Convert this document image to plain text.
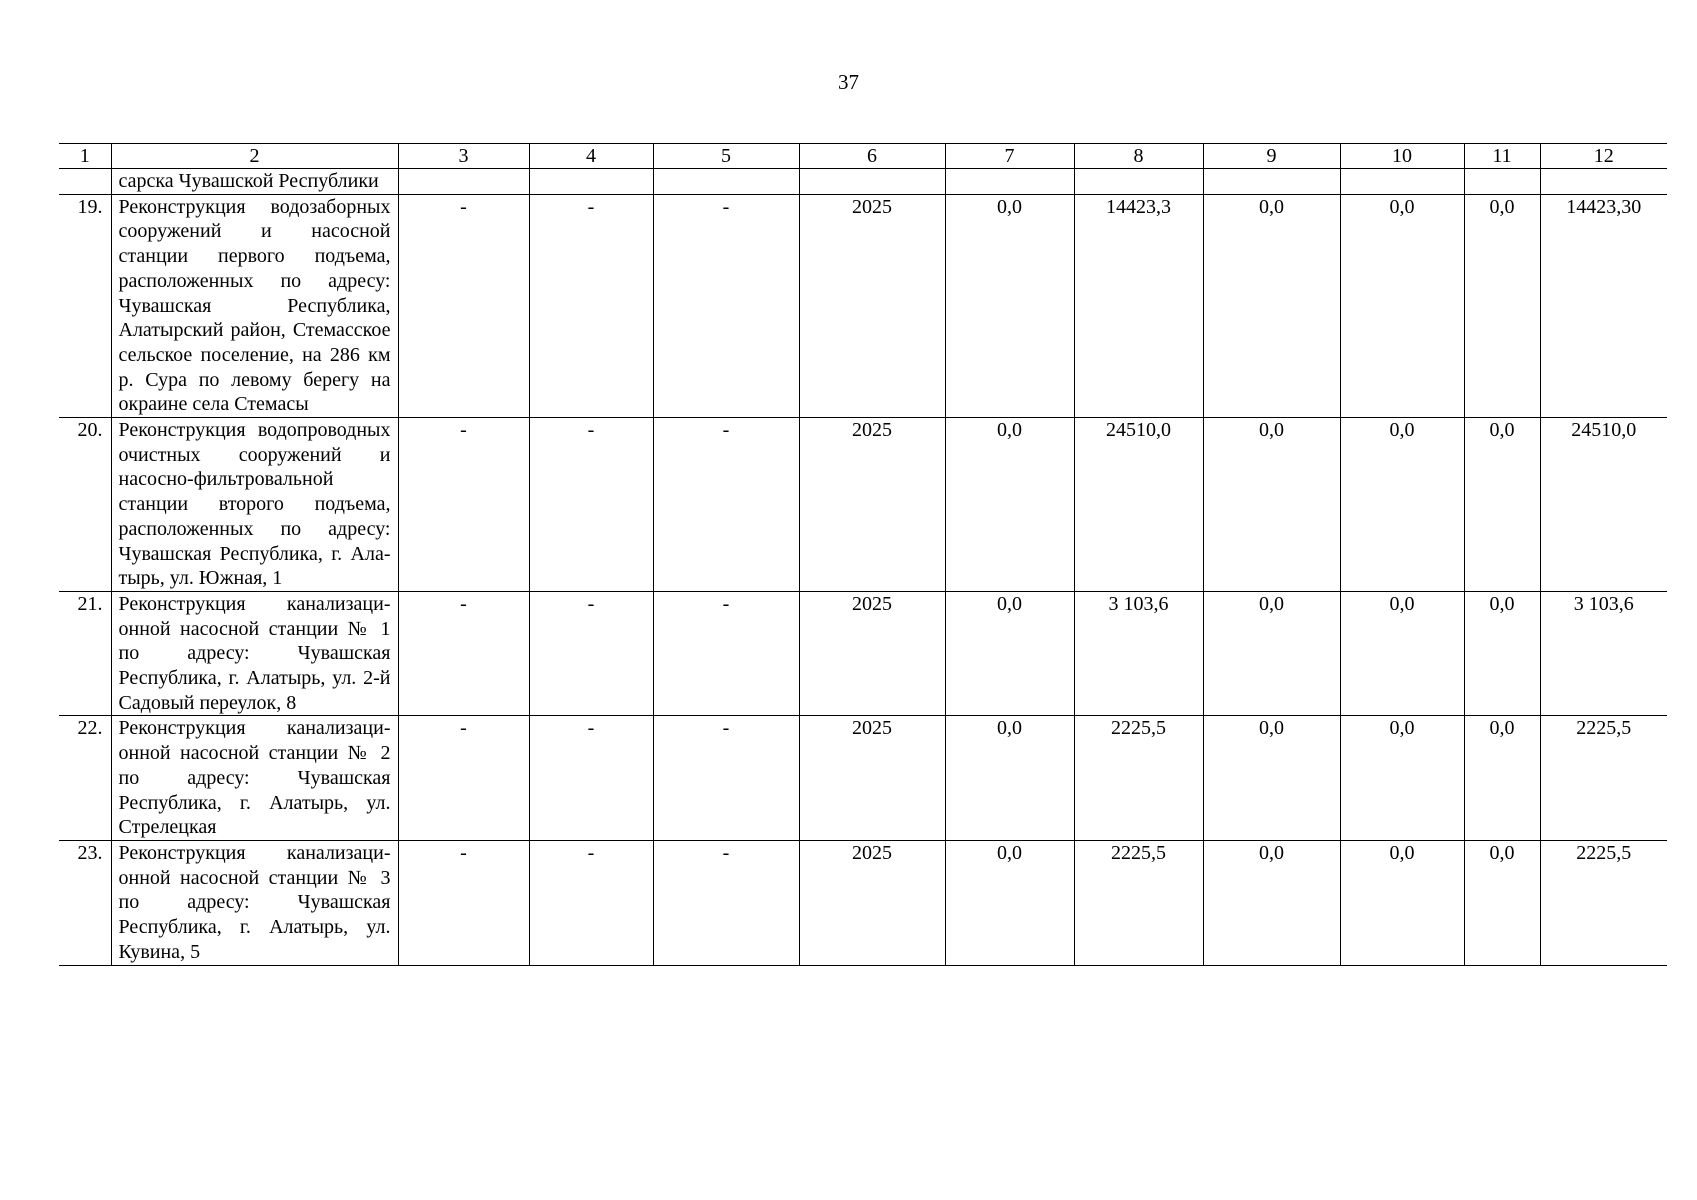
37
1	2	3	4	5	6	7	8	9	10	11	12
	сарска Чувашской Республики										
19.	Реконструкция водозаборных сооружений и насосной станции первого подъема, расположенных по адресу: Чувашская Республика, Алатырский район, Стемасское сельское поселение, на 286 км р. Сура по левому берегу на окраине села Стемасы	-	-	-	2025	0,0	14423,3	0,0	0,0	0,0	14423,30
20.	Реконструкция водопроводных очистных сооружений и насосно-фильтровальной станции второго подъема, расположенных по адресу: Чувашская Республика, г. Алатырь, ул. Южная, 1	-	-	-	2025	0,0	24510,0	0,0	0,0	0,0	24510,0
21.	Реконструкция канализационной насосной станции № 1 по адресу: Чувашская Республика, г. Алатырь, ул. 2-й Садовый переулок, 8	-	-	-	2025	0,0	3 103,6	0,0	0,0	0,0	3 103,6
22.	Реконструкция канализационной насосной станции № 2 по адресу: Чувашская Республика, г. Алатырь, ул. Стрелецкая	-	-	-	2025	0,0	2225,5	0,0	0,0	0,0	2225,5
23.	Реконструкция канализационной насосной станции № 3 по адресу: Чувашская Республика, г. Алатырь, ул. Кувина, 5	-	-	-	2025	0,0	2225,5	0,0	0,0	0,0	2225,5
